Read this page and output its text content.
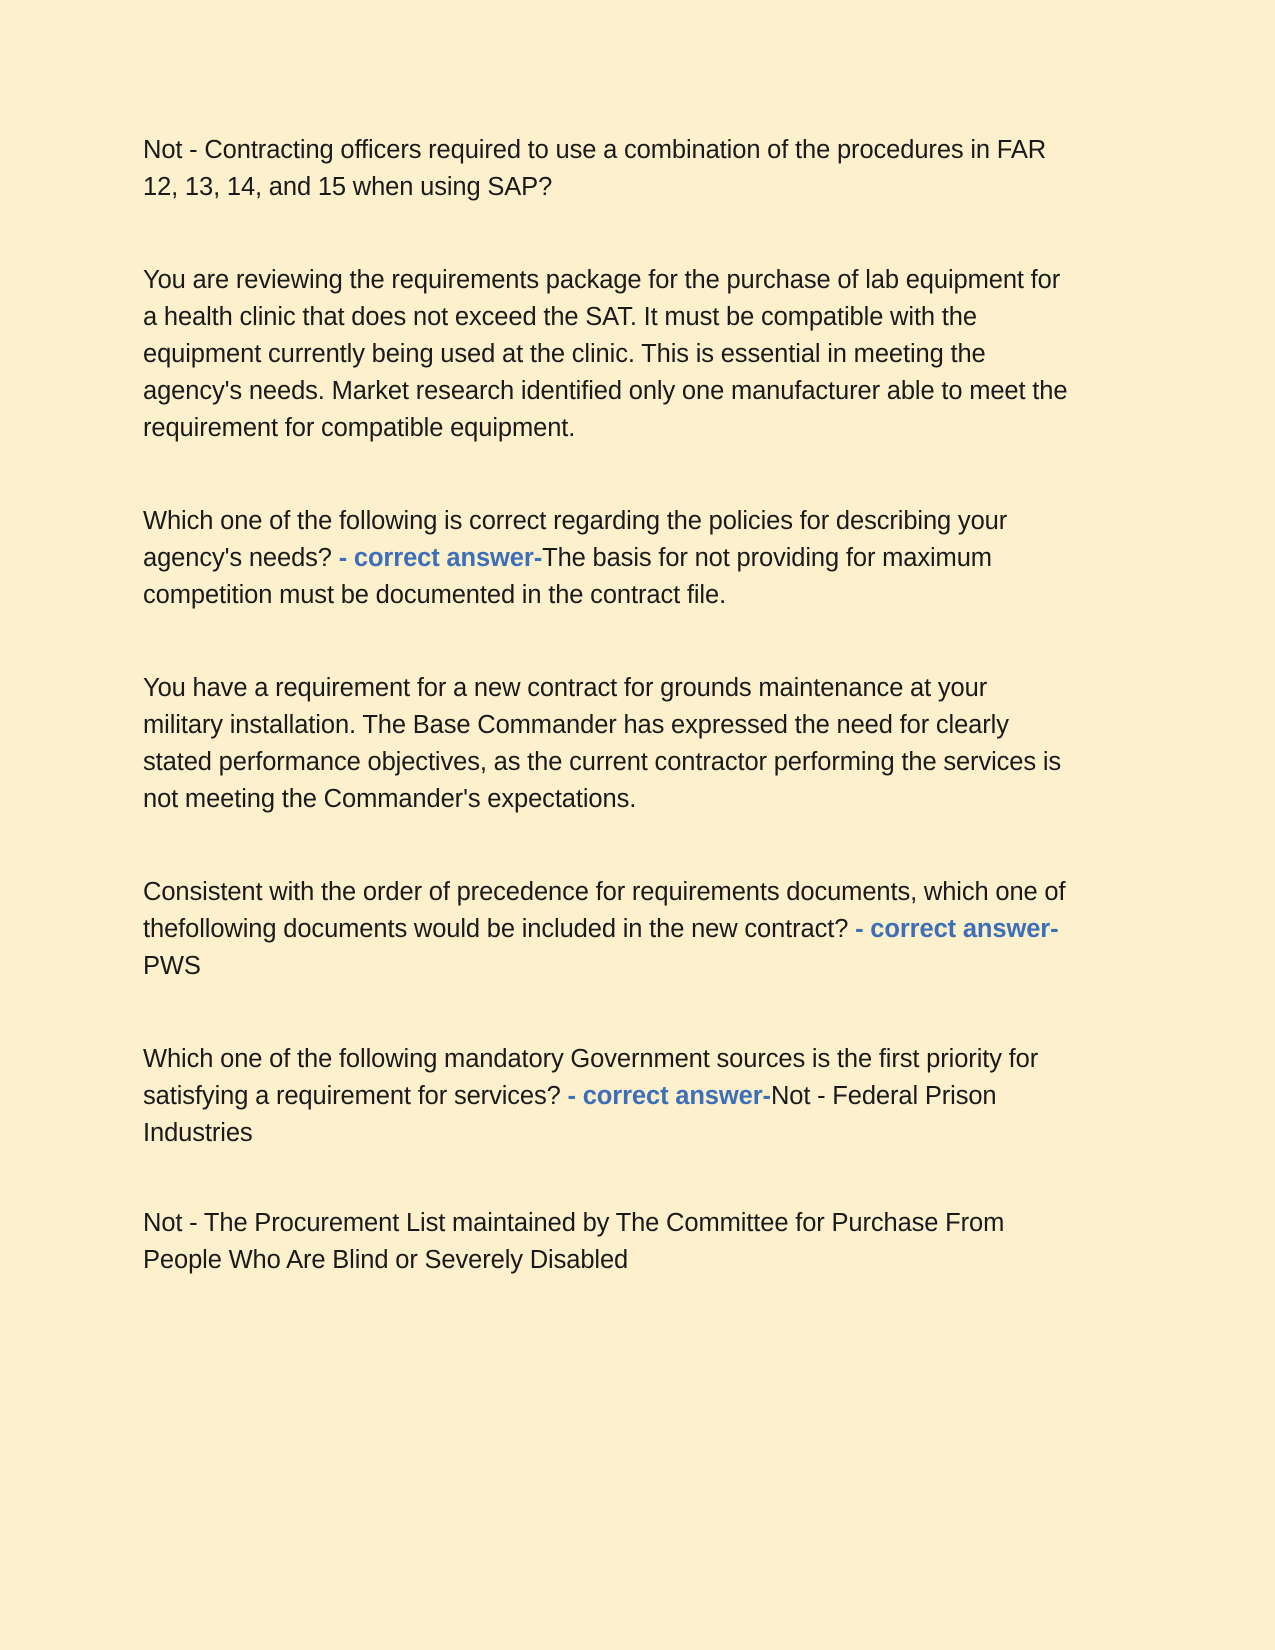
Not - Contracting officers required to use a combination of the procedures in FAR 12, 13, 14, and 15 when using SAP?

You are reviewing the requirements package for the purchase of lab equipment for a health clinic that does not exceed the SAT. It must be compatible with the equipment currently being used at the clinic. This is essential in meeting the agency's needs. Market research identified only one manufacturer able to meet the requirement for compatible equipment.

Which one of the following is correct regarding the policies for describing your agency's needs? - correct answer-The basis for not providing for maximum competition must be documented in the contract file.

You have a requirement for a new contract for grounds maintenance at your military installation. The Base Commander has expressed the need for clearly stated performance objectives, as the current contractor performing the services is not meeting the Commander's expectations.

Consistent with the order of precedence for requirements documents, which one of thefollowing documents would be included in the new contract? - correct answer-PWS

Which one of the following mandatory Government sources is the first priority for satisfying a requirement for services? - correct answer-Not - Federal Prison Industries

Not - The Procurement List maintained by The Committee for Purchase From People Who Are Blind or Severely Disabled
